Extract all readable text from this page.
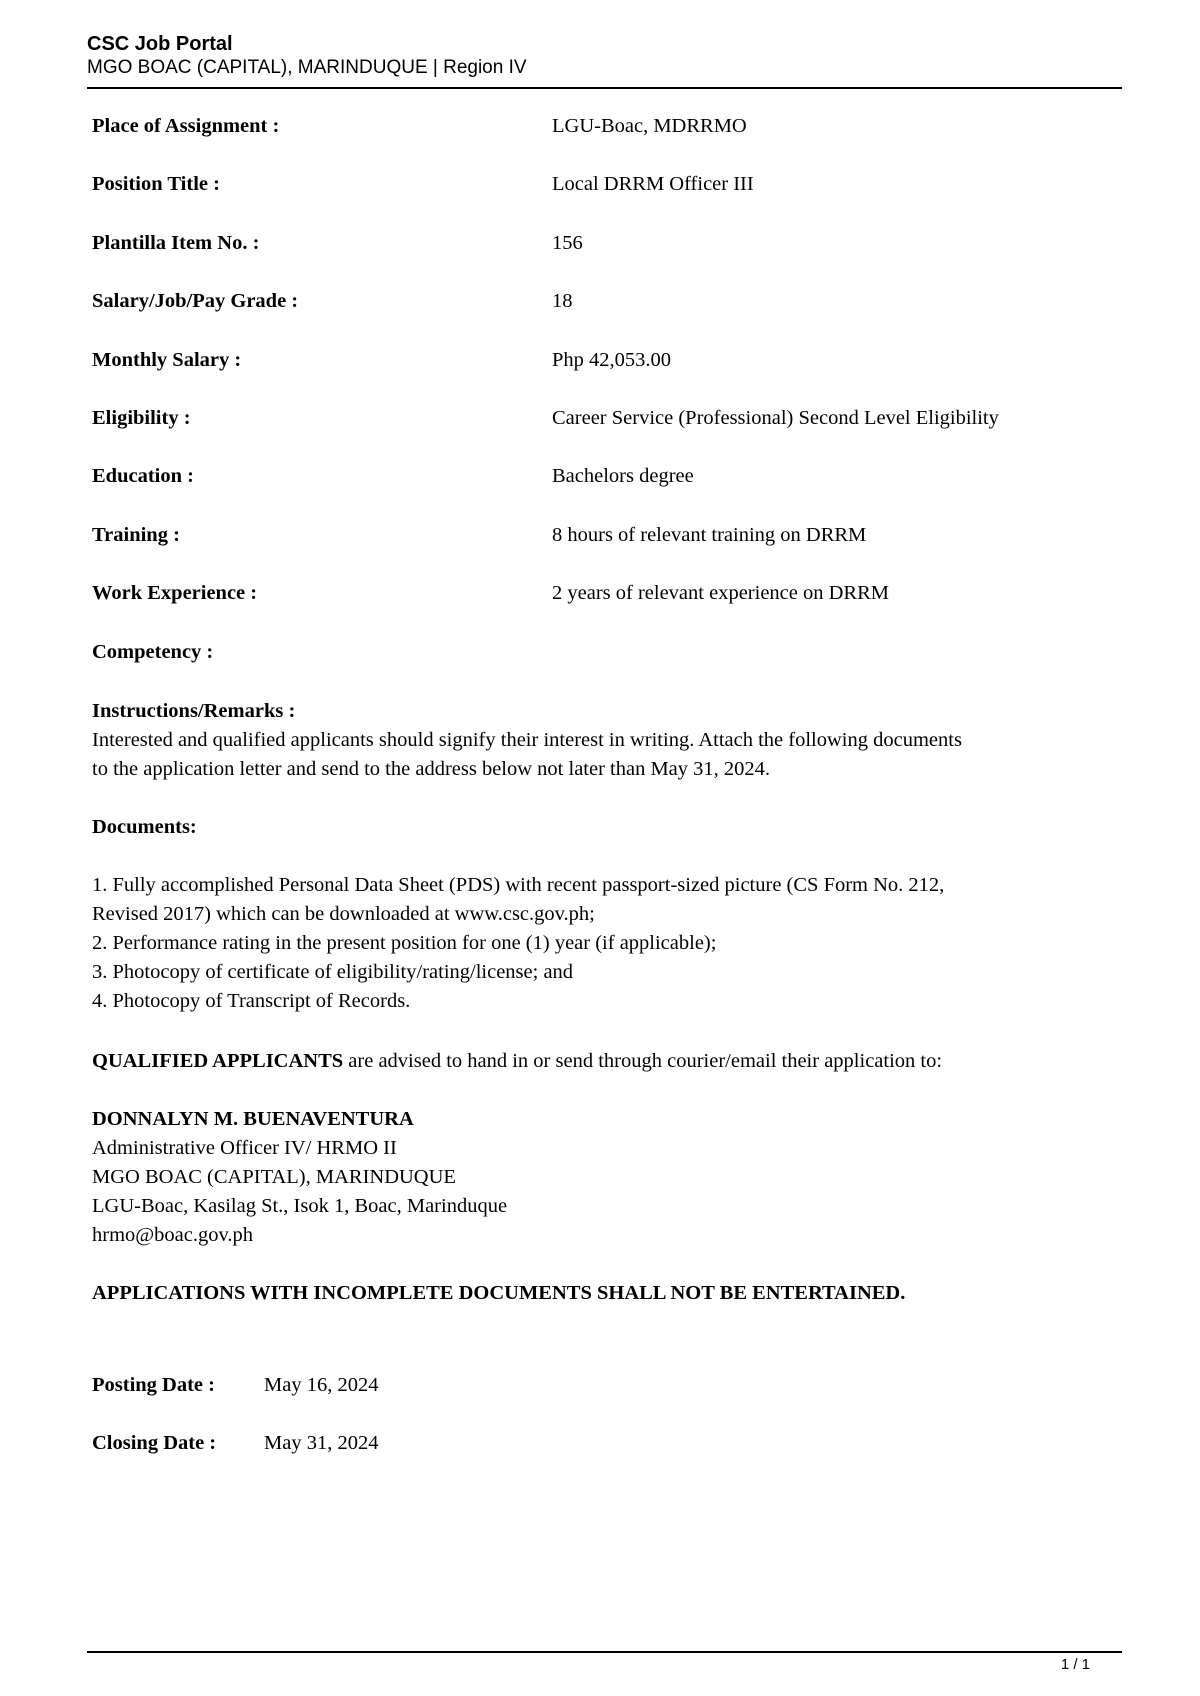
CSC Job Portal
MGO BOAC (CAPITAL), MARINDUQUE | Region IV
Place of Assignment :	LGU-Boac, MDRRMO
Position Title :	Local DRRM Officer III
Plantilla Item No. :	156
Salary/Job/Pay Grade :	18
Monthly Salary :	Php 42,053.00
Eligibility :	Career Service (Professional) Second Level Eligibility
Education :	Bachelors degree
Training :	8 hours of relevant training on DRRM
Work Experience :	2 years of relevant experience on DRRM
Competency :
Instructions/Remarks :
Interested and qualified applicants should signify their interest in writing. Attach the following documents
to the application letter and send to the address below not later than May 31, 2024.
Documents:
1. Fully accomplished Personal Data Sheet (PDS) with recent passport-sized picture (CS Form No. 212,
Revised 2017) which can be downloaded at www.csc.gov.ph;
2. Performance rating in the present position for one (1) year (if applicable);
3. Photocopy of certificate of eligibility/rating/license; and
4. Photocopy of Transcript of Records.
QUALIFIED APPLICANTS are advised to hand in or send through courier/email their application to:
DONNALYN M. BUENAVENTURA
Administrative Officer IV/ HRMO II
MGO BOAC (CAPITAL), MARINDUQUE
LGU-Boac, Kasilag St., Isok 1, Boac, Marinduque
hrmo@boac.gov.ph
APPLICATIONS WITH INCOMPLETE DOCUMENTS SHALL NOT BE ENTERTAINED.
Posting Date : May 16, 2024
Closing Date : May 31, 2024
1 / 1
